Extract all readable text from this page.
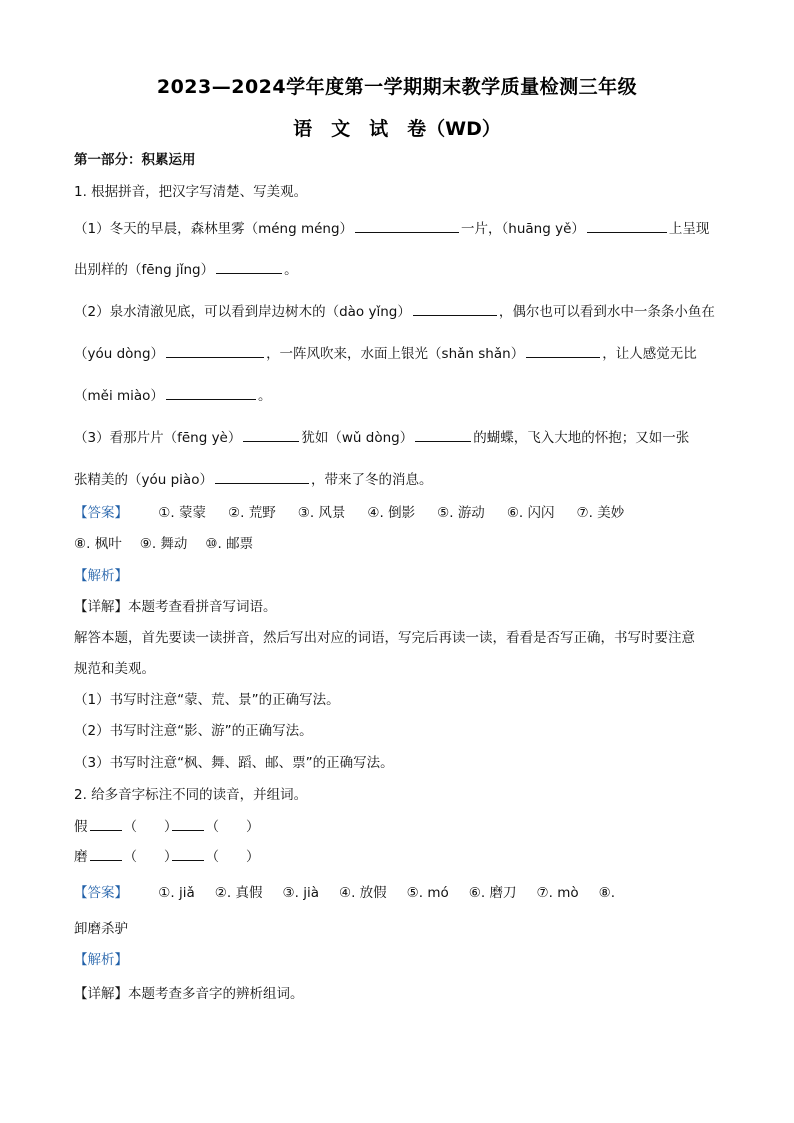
2023—2024学年度第一学期期末教学质量检测三年级
语　文　试　卷（WD）
第一部分：积累运用
1. 根据拼音，把汉字写清楚、写美观。
（1）冬天的早晨，森林里雾（méng méng）	一片，（huāng yě）	上呈现
出别样的（fēng jǐng）	。
（2）泉水清澈见底，可以看到岸边树木的（dào yǐng）	，偶尔也可以看到水中一条条小鱼在
（yóu dòng）	，一阵风吹来，水面上银光（shǎn shǎn）	，让人感觉无比
（měi miào）	。
（3）看那片片（fēng yè）	犹如（wǔ dòng）	的蝴蝶，飞入大地的怀抱；又如一张
张精美的（yóu piào）	，带来了冬的消息。
【答案】 ①. 蒙蒙 ②. 荒野 ③. 风景 ④. 倒影 ⑤. 游动 ⑥. 闪闪 ⑦. 美妙
⑧. 枫叶 ⑨. 舞动 ⑩. 邮票
【解析】
【详解】本题考查看拼音写词语。
解答本题，首先要读一读拼音，然后写出对应的词语，写完后再读一读，看看是否写正确，书写时要注意
规范和美观。
（1）书写时注意“蒙、荒、景”的正确写法。
（2）书写时注意“影、游”的正确写法。
（3）书写时注意“枫、舞、蹈、邮、票”的正确写法。
2. 给多音字标注不同的读音，并组词。
假	（　　 ） （　　 ）
磨	（　　 ） （　　 ）
【答案】 ①. jiǎ ②. 真假 ③. jià ④. 放假 ⑤. mó ⑥. 磨刀 ⑦. mò ⑧.
卸磨杀驴
【解析】
【详解】本题考查多音字的辨析组词。
